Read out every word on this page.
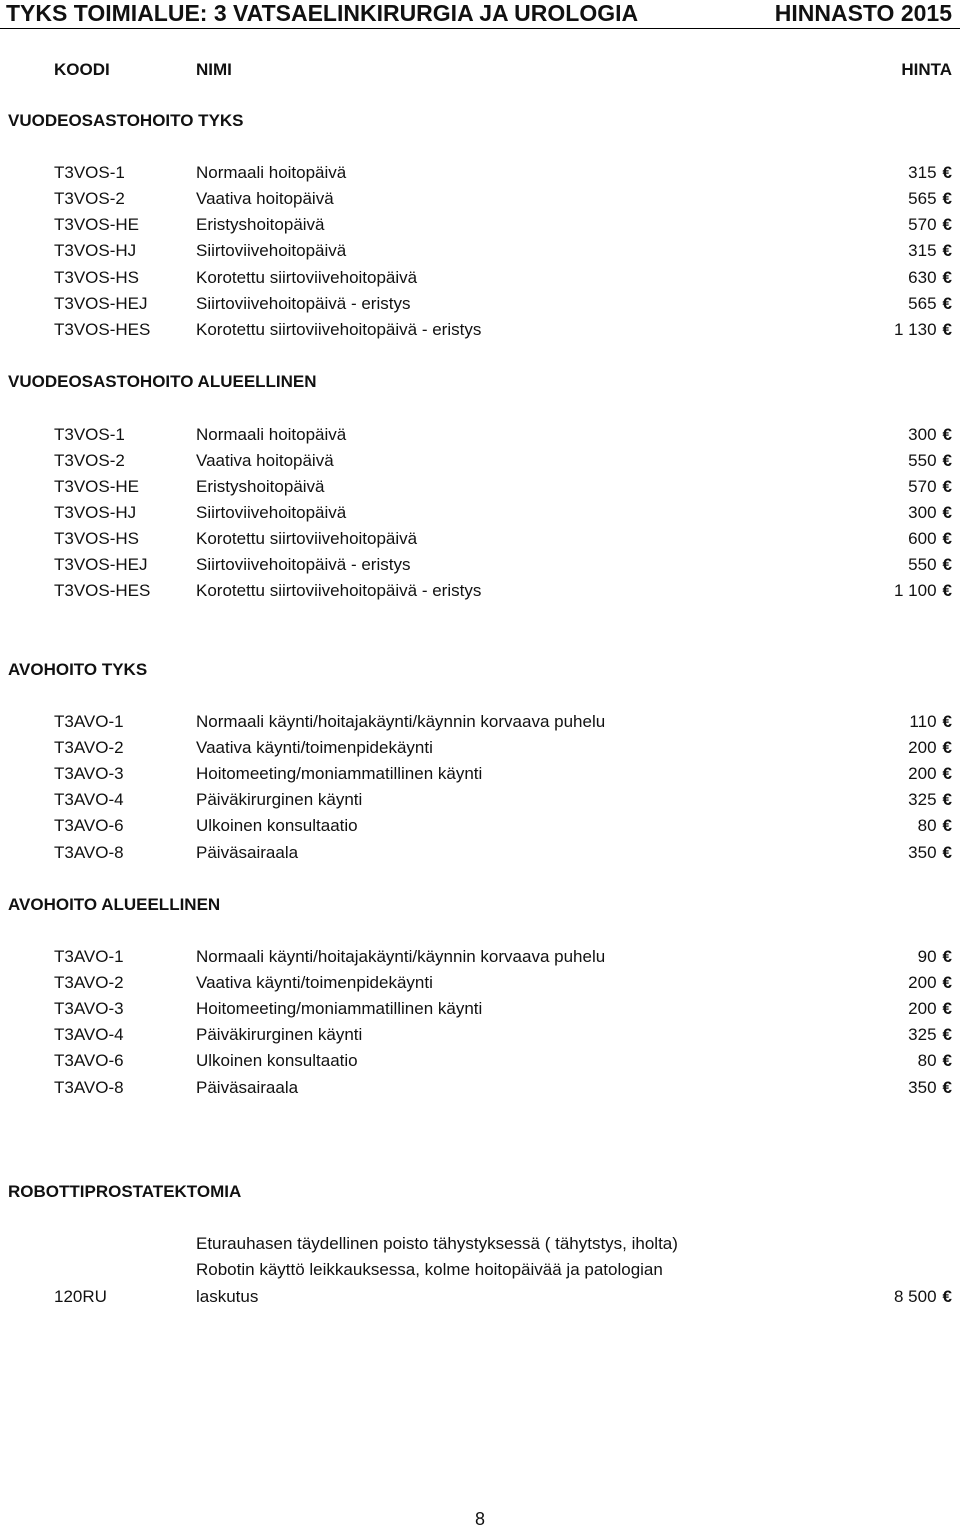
TYKS TOIMIALUE: 3 VATSAELINKIRURGIA JA UROLOGIA	HINNASTO 2015
KOODI	NIMI	HINTA
VUODEOSASTOHOITO TYKS
T3VOS-1	Normaali hoitopäivä	315 €
T3VOS-2	Vaativa hoitopäivä	565 €
T3VOS-HE	Eristyshoitopäivä	570 €
T3VOS-HJ	Siirtoviivehoitopäivä	315 €
T3VOS-HS	Korotettu siirtoviivehoitopäivä	630 €
T3VOS-HEJ	Siirtoviivehoitopäivä - eristys	565 €
T3VOS-HES	Korotettu siirtoviivehoitopäivä - eristys	1 130 €
VUODEOSASTOHOITO ALUEELLINEN
T3VOS-1	Normaali hoitopäivä	300 €
T3VOS-2	Vaativa hoitopäivä	550 €
T3VOS-HE	Eristyshoitopäivä	570 €
T3VOS-HJ	Siirtoviivehoitopäivä	300 €
T3VOS-HS	Korotettu siirtoviivehoitopäivä	600 €
T3VOS-HEJ	Siirtoviivehoitopäivä - eristys	550 €
T3VOS-HES	Korotettu siirtoviivehoitopäivä - eristys	1 100 €
AVOHOITO TYKS
T3AVO-1	Normaali käynti/hoitajakäynti/käynnin korvaava puhelu	110 €
T3AVO-2	Vaativa käynti/toimenpidekäynti	200 €
T3AVO-3	Hoitomeeting/moniammatillinen käynti	200 €
T3AVO-4	Päiväkirurginen käynti	325 €
T3AVO-6	Ulkoinen konsultaatio	80 €
T3AVO-8	Päiväsairaala	350 €
AVOHOITO ALUEELLINEN
T3AVO-1	Normaali käynti/hoitajakäynti/käynnin korvaava puhelu	90 €
T3AVO-2	Vaativa käynti/toimenpidekäynti	200 €
T3AVO-3	Hoitomeeting/moniammatillinen käynti	200 €
T3AVO-4	Päiväkirurginen käynti	325 €
T3AVO-6	Ulkoinen konsultaatio	80 €
T3AVO-8	Päiväsairaala	350 €
ROBOTTIPROSTATEKTOMIA
Eturauhasen täydellinen poisto tähystyksessä ( tähytstys, iholta)
Robotin käyttö leikkauksessa, kolme hoitopäivää ja patologian
120RU	laskutus	8 500 €
8
